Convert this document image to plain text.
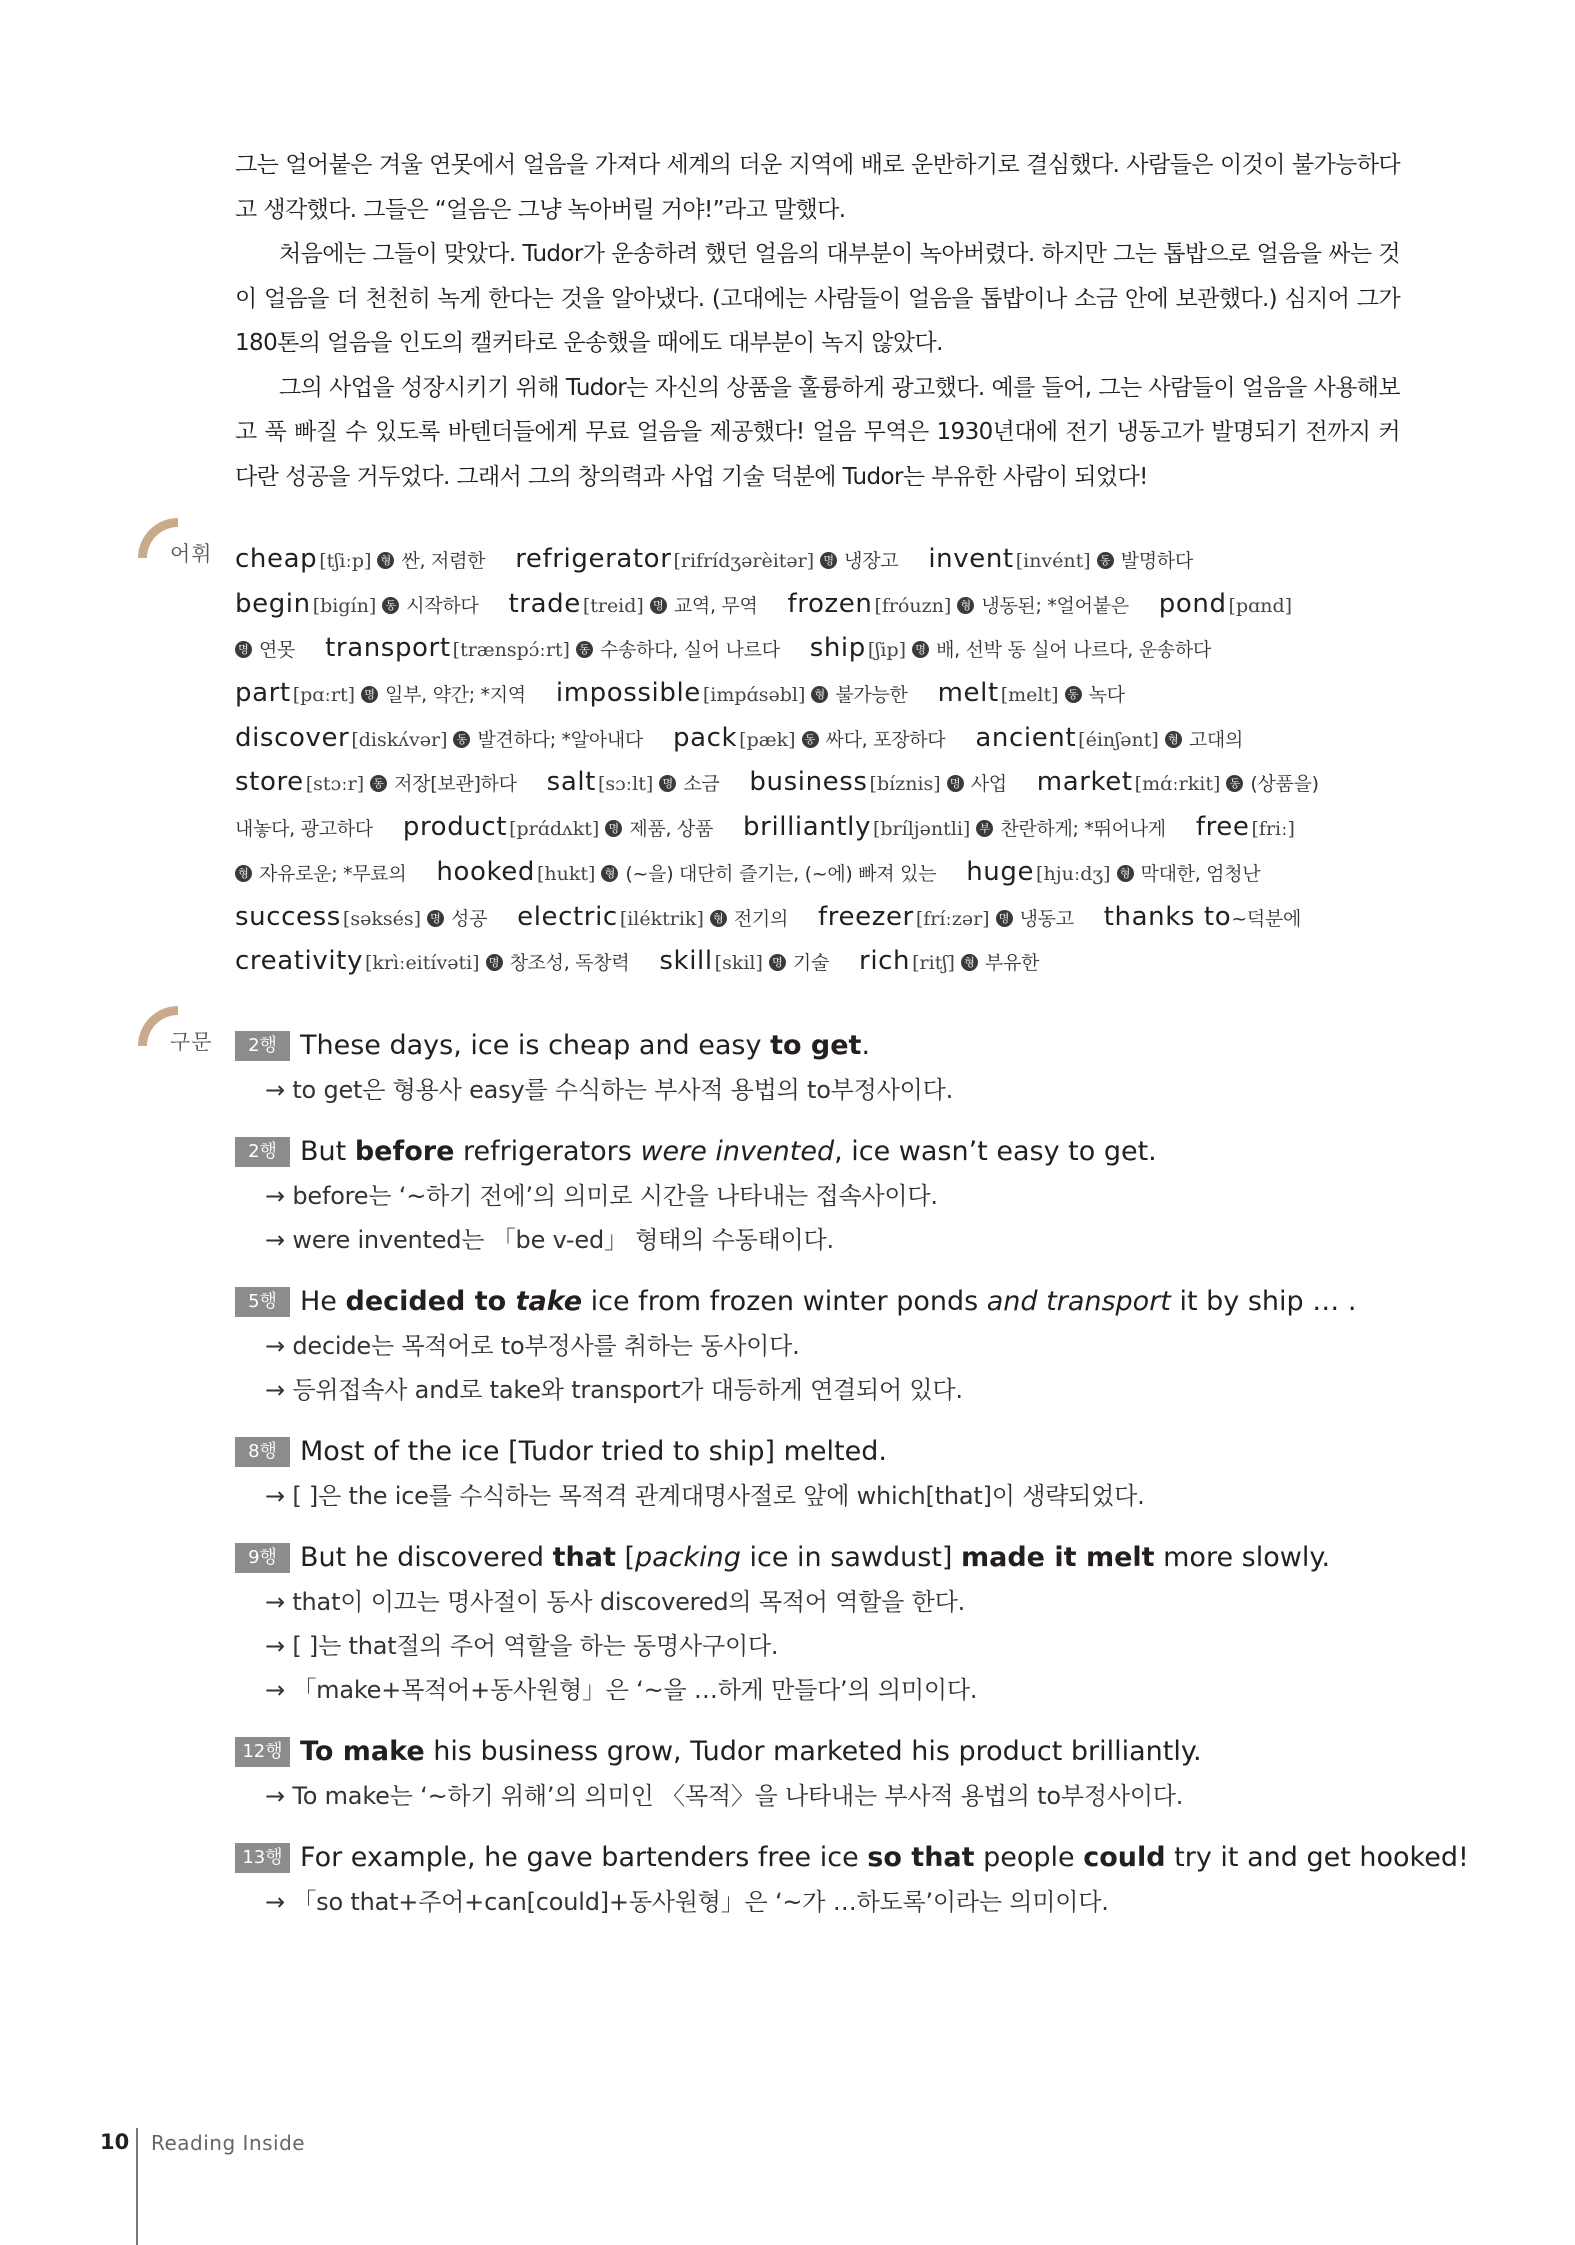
그는 얼어붙은 겨울 연못에서 얼음을 가져다 세계의 더운 지역에 배로 운반하기로 결심했다. 사람들은 이것이 불가능하다고 생각했다. 그들은 “얼음은 그냥 녹아버릴 거야!”라고 말했다.

처음에는 그들이 맞았다. Tudor가 운송하려 했던 얼음의 대부분이 녹아버렸다. 하지만 그는 톱밥으로 얼음을 싸는 것이 얼음을 더 천천히 녹게 한다는 것을 알아냈다. (고대에는 사람들이 얼음을 톱밥이나 소금 안에 보관했다.) 심지어 그가 180톤의 얼음을 인도의 캘커타로 운송했을 때에도 대부분이 녹지 않았다.

그의 사업을 성장시키기 위해 Tudor는 자신의 상품을 훌륭하게 광고했다. 예를 들어, 그는 사람들이 얼음을 사용해보고 푹 빠질 수 있도록 바텐더들에게 무료 얼음을 제공했다! 얼음 무역은 1930년대에 전기 냉동고가 발명되기 전까지 커다란 성공을 거두었다. 그래서 그의 창의력과 사업 기술 덕분에 Tudor는 부유한 사람이 되었다!

어휘 cheap [tʃiːp] 형 싼, 저렴한 refrigerator [rifrídʒərèitər] 명 냉장고 invent [invént] 동 발명하다
begin [bigín] 동 시작하다 trade [treid] 명 교역, 무역 frozen [fróuzn] 형 냉동된; *얼어붙은 pond [pɑnd]
명 연못 transport [trænspɔ́ːrt] 동 수송하다, 실어 나르다 ship [ʃip] 명 배, 선박 동 실어 나르다, 운송하다
part [pɑːrt] 명 일부, 약간; *지역 impossible [impɑ́səbl] 형 불가능한 melt [melt] 동 녹다
discover [diskʌ́vər] 동 발견하다; *알아내다 pack [pæk] 동 싸다, 포장하다 ancient [éinʃənt] 형 고대의
store [stɔːr] 동 저장[보관]하다 salt [sɔːlt] 명 소금 business [bíznis] 명 사업 market [mɑ́ːrkit] 동 (상품을)
내놓다, 광고하다 product [prɑ́dʌkt] 명 제품, 상품 brilliantly [bríljəntli] 부 찬란하게; *뛰어나게 free [friː]
형 자유로운; *무료의 hooked [hukt] 형 (~을) 대단히 즐기는, (~에) 빠져 있는 huge [hjuːdʒ] 형 막대한, 엄청난
success [səksés] 명 성공 electric [iléktrik] 형 전기의 freezer [fríːzər] 명 냉동고 thanks to~덕분에
creativity [krìːeitívəti] 명 창조성, 독창력 skill [skil] 명 기술 rich [ritʃ] 형 부유한
구문	2행 These days, ice is cheap and easy to get.
→ to get은 형용사 easy를 수식하는 부사적 용법의 to부정사이다.
2행 But before refrigerators were invented, ice wasn’t easy to get.
→ before는 ‘~하기 전에’의 의미로 시간을 나타내는 접속사이다.
→ were invented는 「be v-ed」 형태의 수동태이다.
5행 He decided to take ice from frozen winter ponds and transport it by ship … .
→ decide는 목적어로 to부정사를 취하는 동사이다.
→ 등위접속사 and로 take와 transport가 대등하게 연결되어 있다.
8행 Most of the ice [Tudor tried to ship] melted.
→ [ ]은 the ice를 수식하는 목적격 관계대명사절로 앞에 which[that]이 생략되었다.
9행 But he discovered that [packing ice in sawdust] made it melt more slowly.
→ that이 이끄는 명사절이 동사 discovered의 목적어 역할을 한다.
→ [ ]는 that절의 주어 역할을 하는 동명사구이다.
→ 「make+목적어+동사원형」은 ‘~을 …하게 만들다’의 의미이다.
12행 To make his business grow, Tudor marketed his product brilliantly.
→ To make는 ‘~하기 위해’의 의미인 〈목적〉을 나타내는 부사적 용법의 to부정사이다.
13행 For example, he gave bartenders free ice so that people could try it and get hooked!
→ 「so that+주어+can[could]+동사원형」은 ‘~가 …하도록’이라는 의미이다.
10 Reading Inside
